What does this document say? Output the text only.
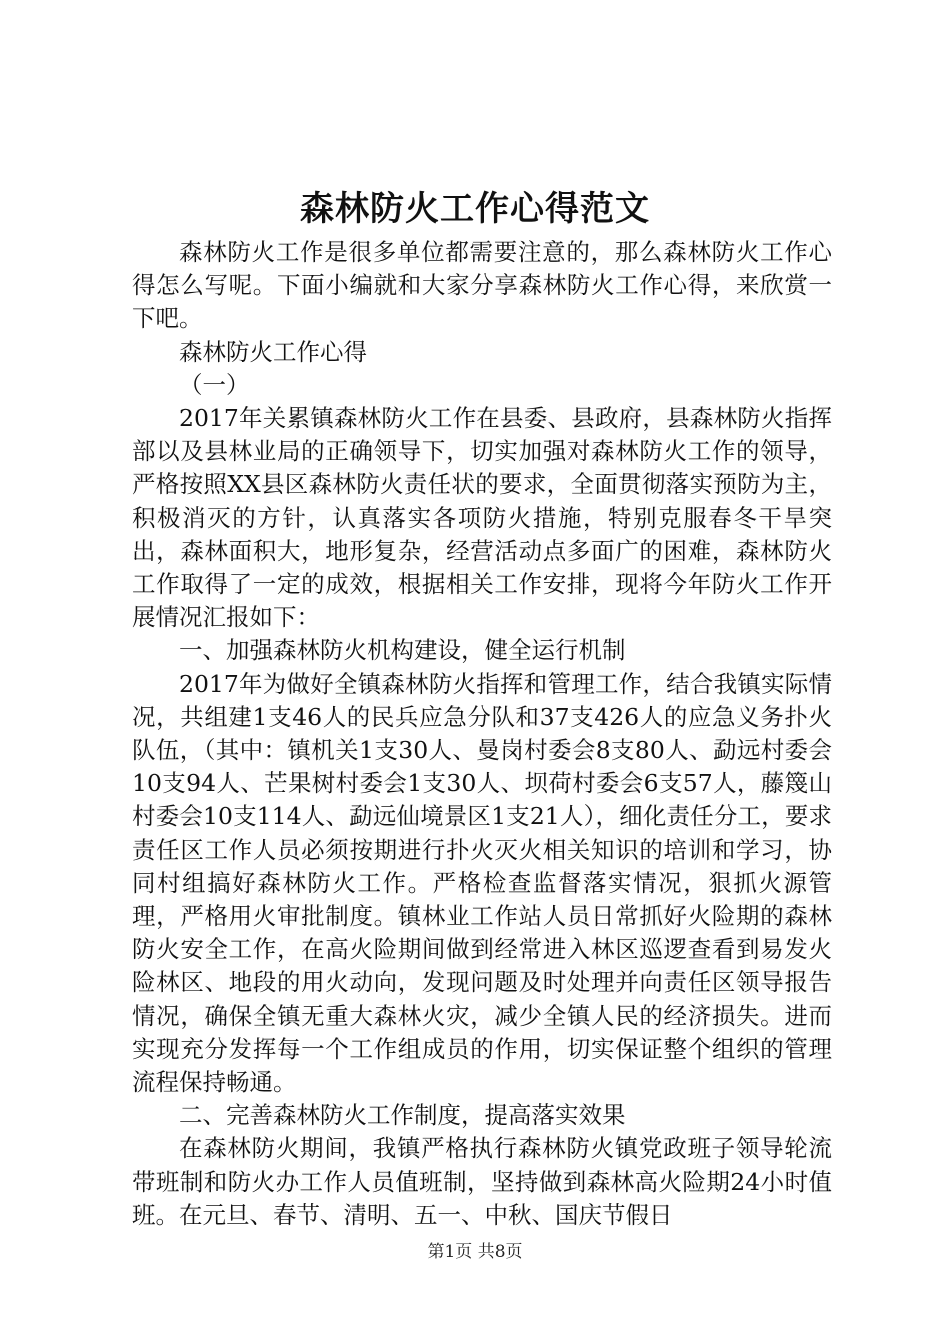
森林防火工作心得范文

森林防火工作是很多单位都需要注意的，那么森林防火工作心得怎么写呢。下面小编就和大家分享森林防火工作心得，来欣赏一下吧。

森林防火工作心得

（一）

2017年关累镇森林防火工作在县委、县政府，县森林防火指挥部以及县林业局的正确领导下，切实加强对森林防火工作的领导，严格按照XX县区森林防火责任状的要求，全面贯彻落实预防为主，积极消灭的方针，认真落实各项防火措施，特别克服春冬干旱突出，森林面积大，地形复杂，经营活动点多面广的困难，森林防火工作取得了一定的成效，根据相关工作安排，现将今年防火工作开展情况汇报如下：

一、加强森林防火机构建设，健全运行机制

2017年为做好全镇森林防火指挥和管理工作，结合我镇实际情况，共组建1支46人的民兵应急分队和37支426人的应急义务扑火队伍，（其中：镇机关1支30人、曼岗村委会8支80人、勐远村委会10支94人、芒果树村委会1支30人、坝荷村委会6支57人，藤篾山村委会10支114人、勐远仙境景区1支21人），细化责任分工，要求责任区工作人员必须按期进行扑火灭火相关知识的培训和学习，协同村组搞好森林防火工作。严格检查监督落实情况，狠抓火源管理，严格用火审批制度。镇林业工作站人员日常抓好火险期的森林防火安全工作，在高火险期间做到经常进入林区巡逻查看到易发火险林区、地段的用火动向，发现问题及时处理并向责任区领导报告情况，确保全镇无重大森林火灾，减少全镇人民的经济损失。进而实现充分发挥每一个工作组成员的作用，切实保证整个组织的管理流程保持畅通。

二、完善森林防火工作制度，提高落实效果

在森林防火期间，我镇严格执行森林防火镇党政班子领导轮流带班制和防火办工作人员值班制，坚持做到森林高火险期24小时值班。在元旦、春节、清明、五一、中秋、国庆节假日

第1页 共8页
